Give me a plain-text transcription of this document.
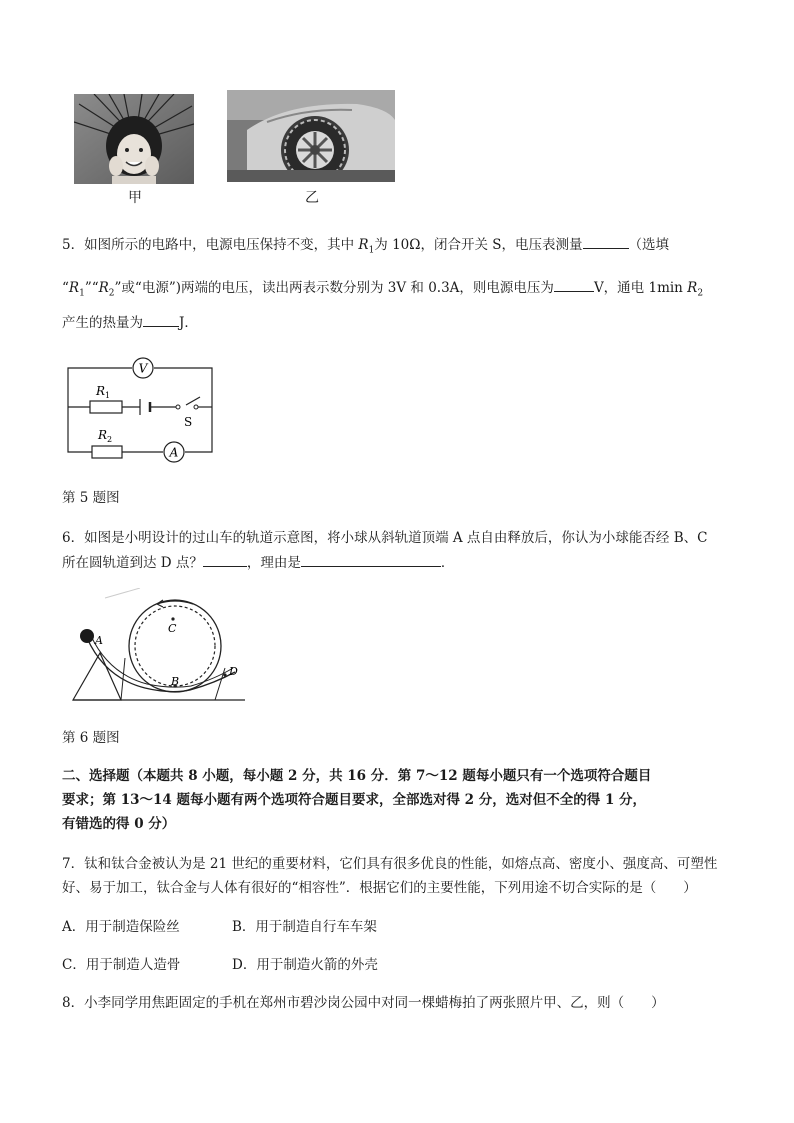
甲	乙
5．如图所示的电路中，电源电压保持不变，其中 $R_1$为 10Ω，闭合开关 S，电压表测量	（选填
“$R_1”“R_2$”或“电源”)两端的电压，读出两表示数分别为 3V 和 0.3A，则电源电压为	V，通电 1min $R_2$
产生的热量为	J．
V
A
R 1
R 2
S
第 5 题图
6．如图是小明设计的过山车的轨道示意图，将小球从斜轨道顶端 A 点自由释放后，你认为小球能否经 B、C
所在圆轨道到达 D 点？	，理由是	．
A
C
B
D
第 6 题图
二、选择题（本题共 8 小题，每小题 2 分，共 16 分．第 7～12 题每小题只有一个选项符合题目
要求；第 13～14 题每小题有两个选项符合题目要求，全部选对得 2 分，选对但不全的得 1 分，
有错选的得 0 分）
7．钛和钛合金被认为是 21 世纪的重要材料，它们具有很多优良的性能，如熔点高、密度小、强度高、可塑性
好、易于加工，钛合金与人体有很好的“相容性”．根据它们的主要性能，下列用途不切合实际的是（　　）
A．用于制造保险丝	B．用于制造自行车车架
C．用于制造人造骨	D．用于制造火箭的外壳
8．小李同学用焦距固定的手机在郑州市碧沙岗公园中对同一棵蜡梅拍了两张照片甲、乙，则（　　）
